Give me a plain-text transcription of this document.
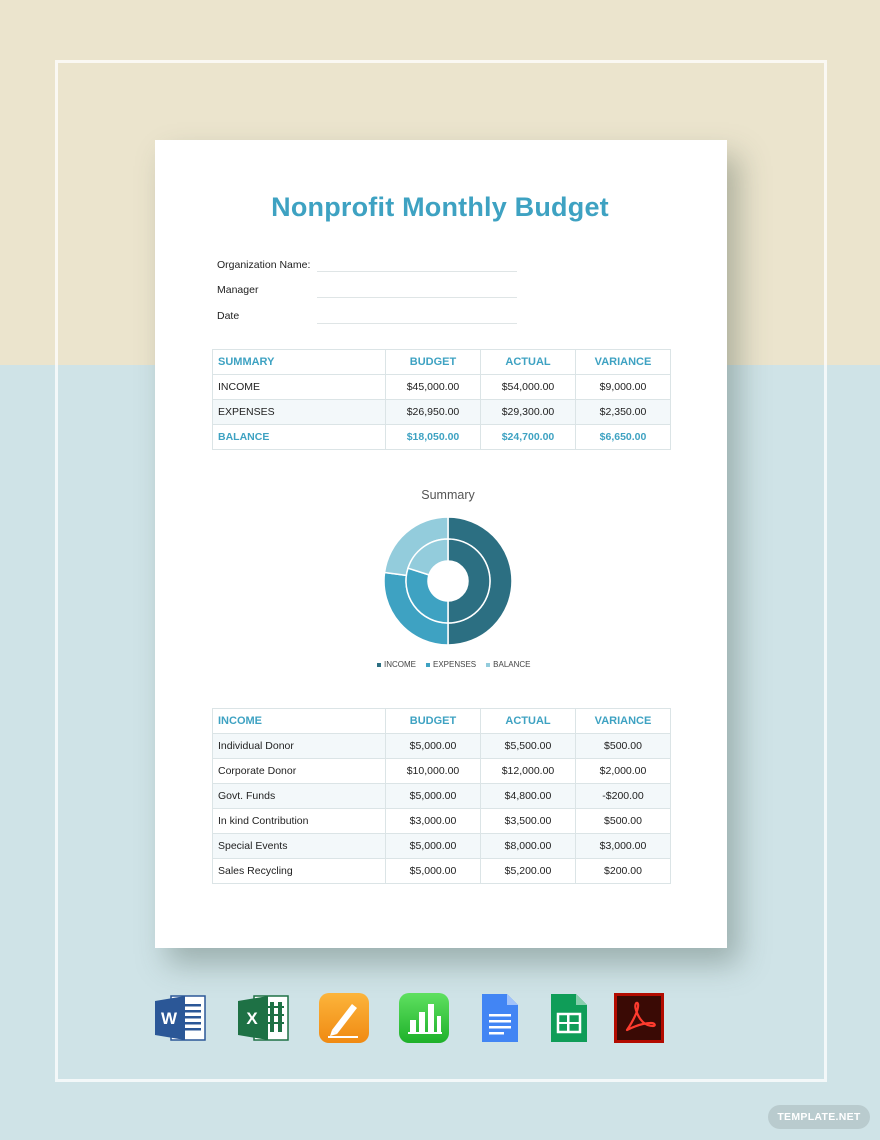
Nonprofit Monthly Budget
Organization Name:
Manager
Date
SUMMARY	BUDGET	ACTUAL	VARIANCE
INCOME	$45,000.00	$54,000.00	$9,000.00
EXPENSES	$26,950.00	$29,300.00	$2,350.00
BALANCE	$18,050.00	$24,700.00	$6,650.00
Summary
INCOME EXPENSES BALANCE
INCOME	BUDGET	ACTUAL	VARIANCE
Individual Donor	$5,000.00	$5,500.00	$500.00
Corporate Donor	$10,000.00	$12,000.00	$2,000.00
Govt. Funds	$5,000.00	$4,800.00	-$200.00
In kind Contribution	$3,000.00	$3,500.00	$500.00
Special Events	$5,000.00	$8,000.00	$3,000.00
Sales Recycling	$5,000.00	$5,200.00	$200.00
W	X
TEMPLATE.NET
